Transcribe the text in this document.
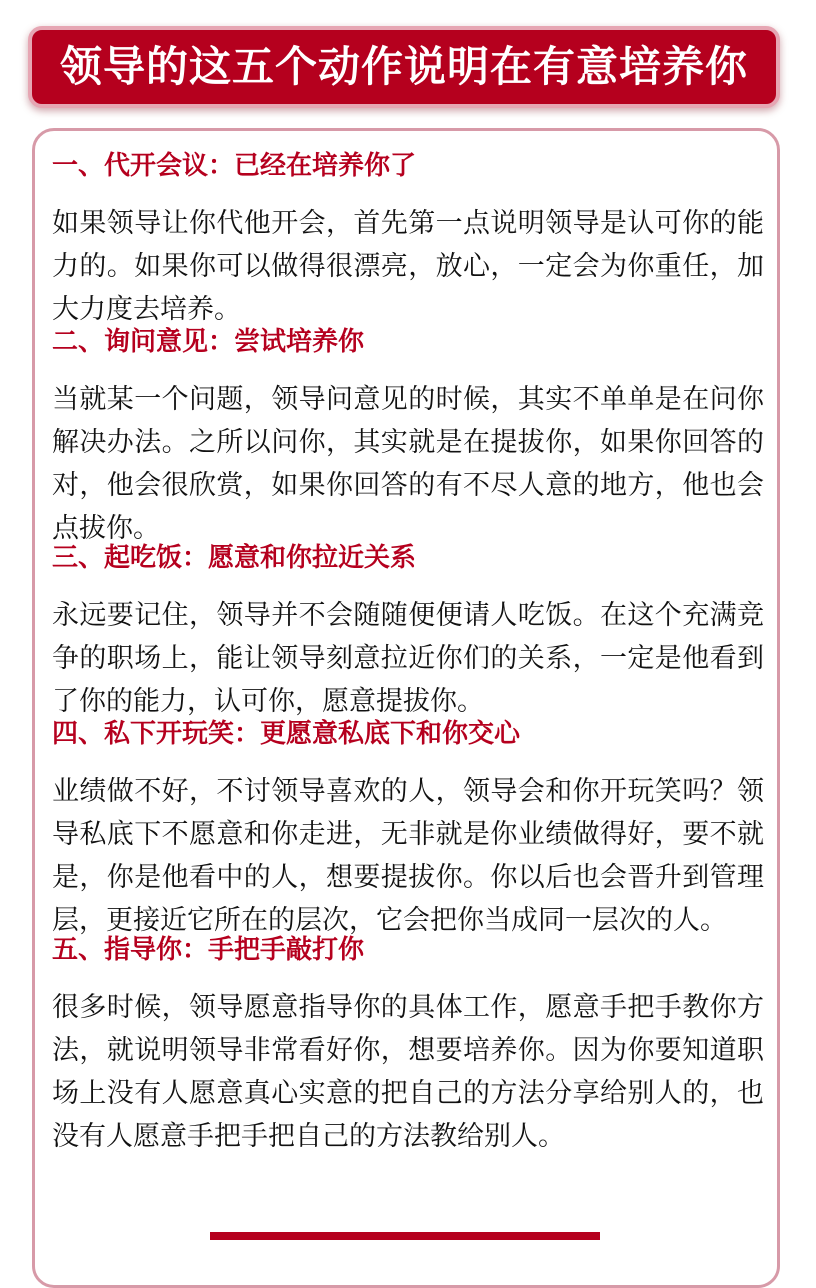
领导的这五个动作说明在有意培养你
一、代开会议：已经在培养你了
如果领导让你代他开会，首先第一点说明领导是认可你的能
力的。如果你可以做得很漂亮，放心，一定会为你重任，加
大力度去培养。
二、询问意见：尝试培养你
当就某一个问题，领导问意见的时候，其实不单单是在问你
解决办法。之所以问你，其实就是在提拔你，如果你回答的
对，他会很欣赏，如果你回答的有不尽人意的地方，他也会
点拔你。
三、起吃饭：愿意和你拉近关系
永远要记住，领导并不会随随便便请人吃饭。在这个充满竞
争的职场上，能让领导刻意拉近你们的关系，一定是他看到
了你的能力，认可你，愿意提拔你。
四、私下开玩笑：更愿意私底下和你交心
业绩做不好，不讨领导喜欢的人，领导会和你开玩笑吗？领
导私底下不愿意和你走进，无非就是你业绩做得好，要不就
是，你是他看中的人，想要提拔你。你以后也会晋升到管理
层，更接近它所在的层次，它会把你当成同一层次的人。
五、指导你：手把手敲打你
很多时候，领导愿意指导你的具体工作，愿意手把手教你方
法，就说明领导非常看好你，想要培养你。因为你要知道职
场上没有人愿意真心实意的把自己的方法分享给别人的，也
没有人愿意手把手把自己的方法教给别人。
